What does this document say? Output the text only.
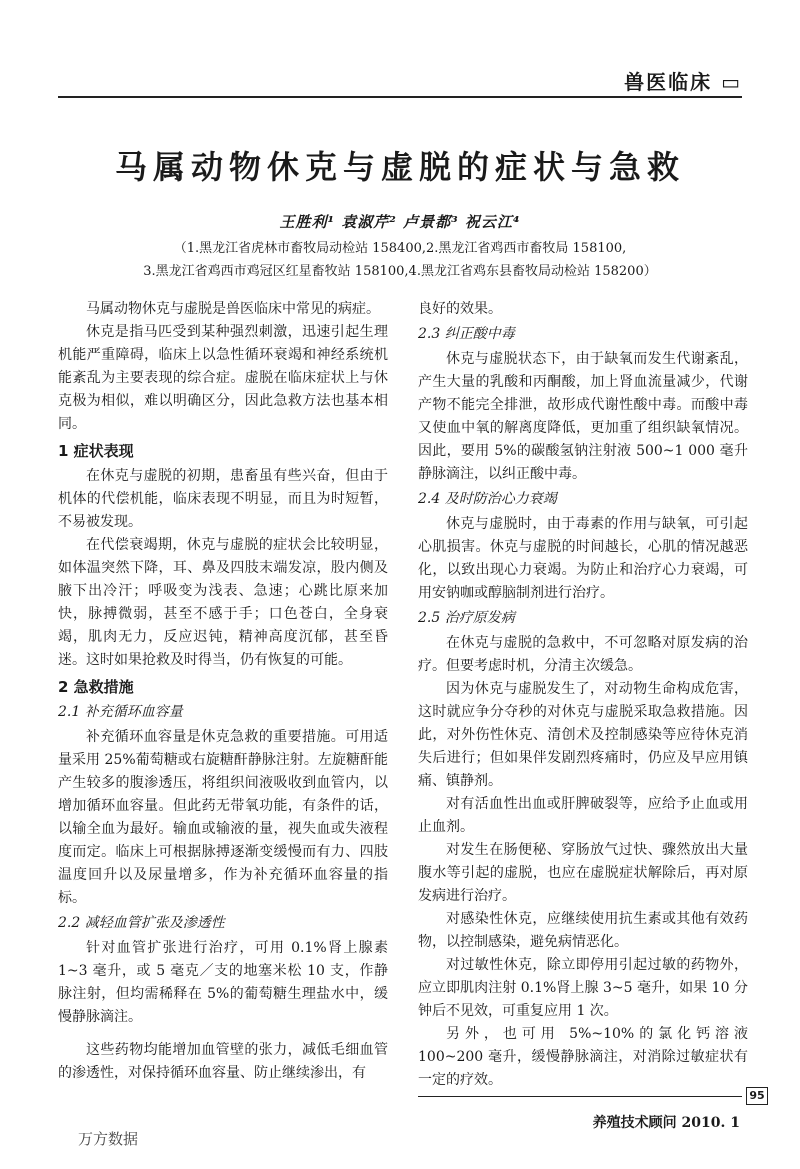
兽医临床 ▭
马属动物休克与虚脱的症状与急救
王胜利¹ 袁淑芹² 卢景都³ 祝云江⁴
（1.黑龙江省虎林市畜牧局动检站 158400,2.黑龙江省鸡西市畜牧局 158100,
3.黑龙江省鸡西市鸡冠区红星畜牧站 158100,4.黑龙江省鸡东县畜牧局动检站 158200）

马属动物休克与虚脱是兽医临床中常见的病症。

休克是指马匹受到某种强烈刺激，迅速引起生理机能严重障碍，临床上以急性循环衰竭和神经系统机能紊乱为主要表现的综合症。虚脱在临床症状上与休克极为相似，难以明确区分，因此急救方法也基本相同。

1 症状表现

在休克与虚脱的初期，患畜虽有些兴奋，但由于机体的代偿机能，临床表现不明显，而且为时短暂，不易被发现。

在代偿衰竭期，休克与虚脱的症状会比较明显，如体温突然下降，耳、鼻及四肢末端发凉，股内侧及腋下出冷汗；呼吸变为浅表、急速；心跳比原来加快，脉搏微弱，甚至不感于手；口色苍白，全身衰竭，肌肉无力，反应迟钝，精神高度沉郁，甚至昏迷。这时如果抢救及时得当，仍有恢复的可能。

2 急救措施
2.1 补充循环血容量

补充循环血容量是休克急救的重要措施。可用适量采用 25%葡萄糖或右旋糖酐静脉注射。左旋糖酐能产生较多的腹渗透压，将组织间液吸收到血管内，以增加循环血容量。但此药无带氧功能，有条件的话，以输全血为最好。输血或输液的量，视失血或失液程度而定。临床上可根据脉搏逐渐变缓慢而有力、四肢温度回升以及尿量增多，作为补充循环血容量的指标。

2.2 减轻血管扩张及渗透性

针对血管扩张进行治疗，可用 0.1%肾上腺素 1~3 毫升，或 5 毫克／支的地塞米松 10 支，作静脉注射，但均需稀释在 5%的葡萄糖生理盐水中，缓慢静脉滴注。

这些药物均能增加血管壁的张力，减低毛细血管的渗透性，对保持循环血容量、防止继续渗出，有

良好的效果。

2.3 纠正酸中毒

休克与虚脱状态下，由于缺氧而发生代谢紊乱，产生大量的乳酸和丙酮酸，加上肾血流量减少，代谢产物不能完全排泄，故形成代谢性酸中毒。而酸中毒又使血中氧的解离度降低，更加重了组织缺氧情况。因此，要用 5%的碳酸氢钠注射液 500~1 000 毫升静脉滴注，以纠正酸中毒。

2.4 及时防治心力衰竭

休克与虚脱时，由于毒素的作用与缺氧，可引起心肌损害。休克与虚脱的时间越长，心肌的情况越恶化，以致出现心力衰竭。为防止和治疗心力衰竭，可用安钠咖或醇脑制剂进行治疗。

2.5 治疗原发病

在休克与虚脱的急救中，不可忽略对原发病的治疗。但要考虑时机，分清主次缓急。

因为休克与虚脱发生了，对动物生命构成危害，这时就应争分夺秒的对休克与虚脱采取急救措施。因此，对外伤性休克、清创术及控制感染等应待休克消失后进行；但如果伴发剧烈疼痛时，仍应及早应用镇痛、镇静剂。

对有活血性出血或肝脾破裂等，应给予止血或用止血剂。

对发生在肠便秘、穿肠放气过快、骤然放出大量腹水等引起的虚脱，也应在虚脱症状解除后，再对原发病进行治疗。

对感染性休克，应继续使用抗生素或其他有效药物，以控制感染，避免病情恶化。

对过敏性休克，除立即停用引起过敏的药物外，应立即肌肉注射 0.1%肾上腺 3~5 毫升，如果 10 分钟后不见效，可重复应用 1 次。

另外，也可用 5%~10%的氯化钙溶液 100~200 毫升，缓慢静脉滴注，对消除过敏症状有一定的疗效。

95
养殖技术顾问 2010. 1
万方数据
